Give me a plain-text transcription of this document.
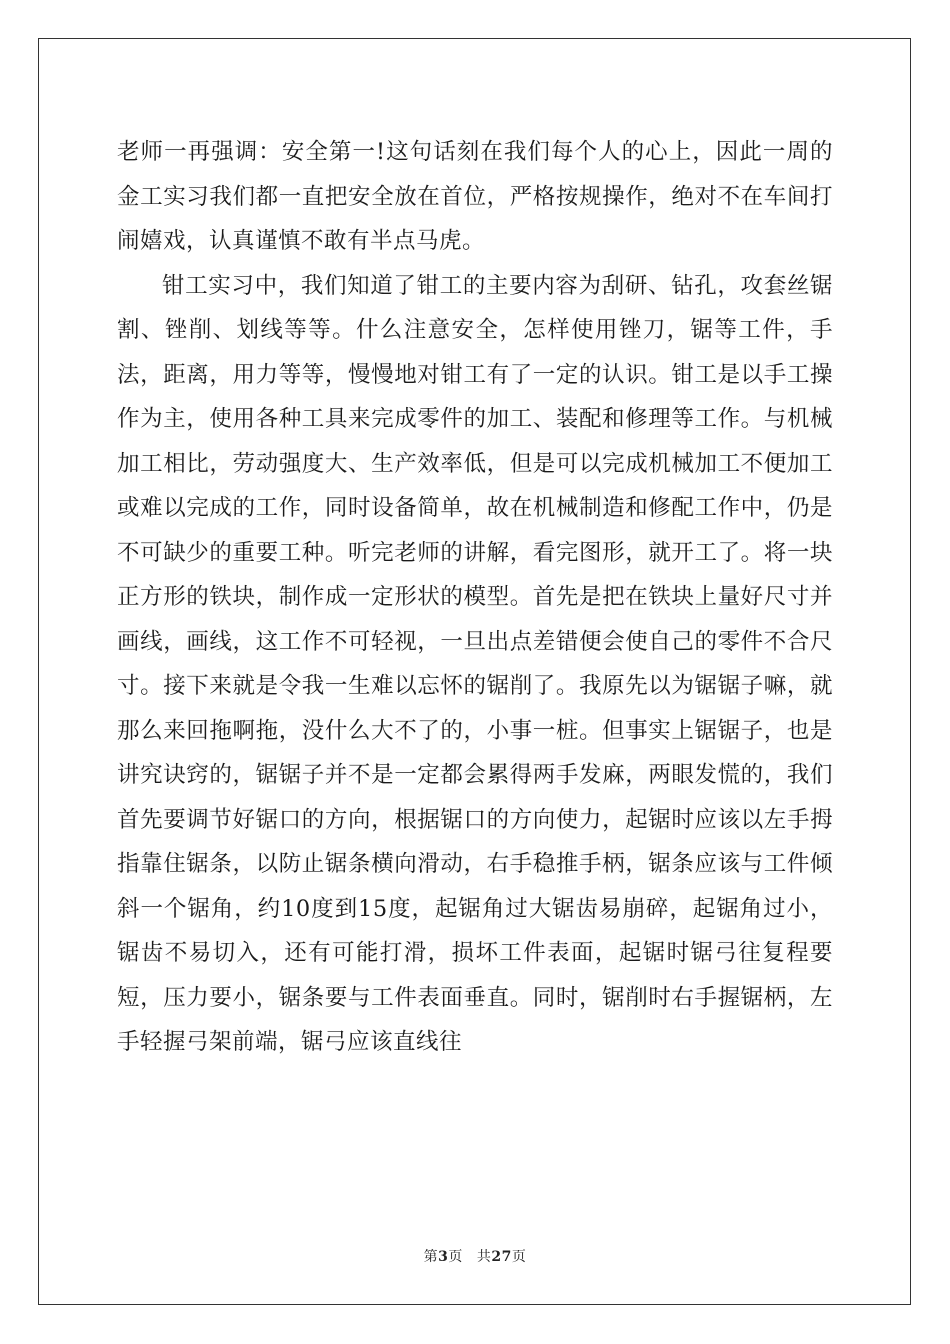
老师一再强调：安全第一!这句话刻在我们每个人的心上，因此一周的金工实习我们都一直把安全放在首位，严格按规操作，绝对不在车间打闹嬉戏，认真谨慎不敢有半点马虎。

钳工实习中，我们知道了钳工的主要内容为刮研、钻孔，攻套丝锯割、锉削、划线等等。什么注意安全，怎样使用锉刀，锯等工件，手法，距离，用力等等，慢慢地对钳工有了一定的认识。钳工是以手工操作为主，使用各种工具来完成零件的加工、装配和修理等工作。与机械加工相比，劳动强度大、生产效率低，但是可以完成机械加工不便加工或难以完成的工作，同时设备简单，故在机械制造和修配工作中，仍是不可缺少的重要工种。听完老师的讲解，看完图形，就开工了。将一块正方形的铁块，制作成一定形状的模型。首先是把在铁块上量好尺寸并画线，画线，这工作不可轻视，一旦出点差错便会使自己的零件不合尺寸。接下来就是令我一生难以忘怀的锯削了。我原先以为锯锯子嘛，就那么来回拖啊拖，没什么大不了的，小事一桩。但事实上锯锯子，也是讲究诀窍的，锯锯子并不是一定都会累得两手发麻，两眼发慌的，我们首先要调节好锯口的方向，根据锯口的方向使力，起锯时应该以左手拇指靠住锯条，以防止锯条横向滑动，右手稳推手柄，锯条应该与工件倾斜一个锯角，约10度到15度，起锯角过大锯齿易崩碎，起锯角过小，锯齿不易切入，还有可能打滑，损坏工件表面，起锯时锯弓往复程要短，压力要小，锯条要与工件表面垂直。同时，锯削时右手握锯柄，左手轻握弓架前端，锯弓应该直线往

第3页 共27页
